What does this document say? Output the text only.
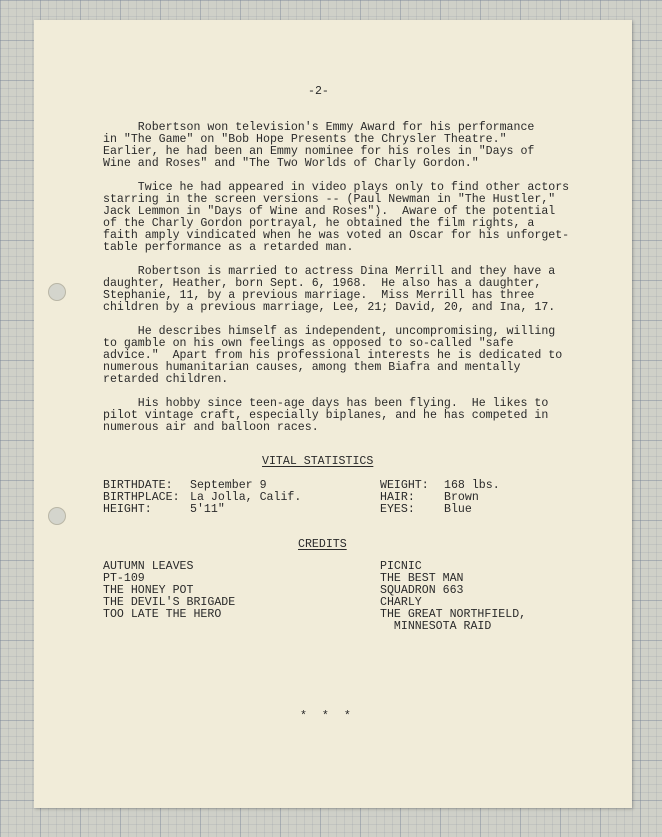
-2-

Robertson won television's Emmy Award for his performance
in "The Game" on "Bob Hope Presents the Chrysler Theatre."
Earlier, he had been an Emmy nominee for his roles in "Days of
Wine and Roses" and "The Two Worlds of Charly Gordon."

Twice he had appeared in video plays only to find other actors
starring in the screen versions -- (Paul Newman in "The Hustler,"
Jack Lemmon in "Days of Wine and Roses").  Aware of the potential
of the Charly Gordon portrayal, he obtained the film rights, a
faith amply vindicated when he was voted an Oscar for his unforget-
table performance as a retarded man.

Robertson is married to actress Dina Merrill and they have a
daughter, Heather, born Sept. 6, 1968.  He also has a daughter,
Stephanie, 11, by a previous marriage.  Miss Merrill has three
children by a previous marriage, Lee, 21; David, 20, and Ina, 17.

He describes himself as independent, uncompromising, willing
to gamble on his own feelings as opposed to so-called "safe
advice."  Apart from his professional interests he is dedicated to
numerous humanitarian causes, among them Biafra and mentally
retarded children.

His hobby since teen-age days has been flying.  He likes to
pilot vintage craft, especially biplanes, and he has competed in
numerous air and balloon races.

VITAL STATISTICS
BIRTHDATE:
BIRTHPLACE:
HEIGHT:
September 9
La Jolla, Calif.
5'11"
WEIGHT:
HAIR:
EYES:
168 lbs.
Brown
Blue
CREDITS
AUTUMN LEAVES
PT-109
THE HONEY POT
THE DEVIL'S BRIGADE
TOO LATE THE HERO
PICNIC
THE BEST MAN
SQUADRON 663
CHARLY
THE GREAT NORTHFIELD,
MINNESOTA RAID
* * *
